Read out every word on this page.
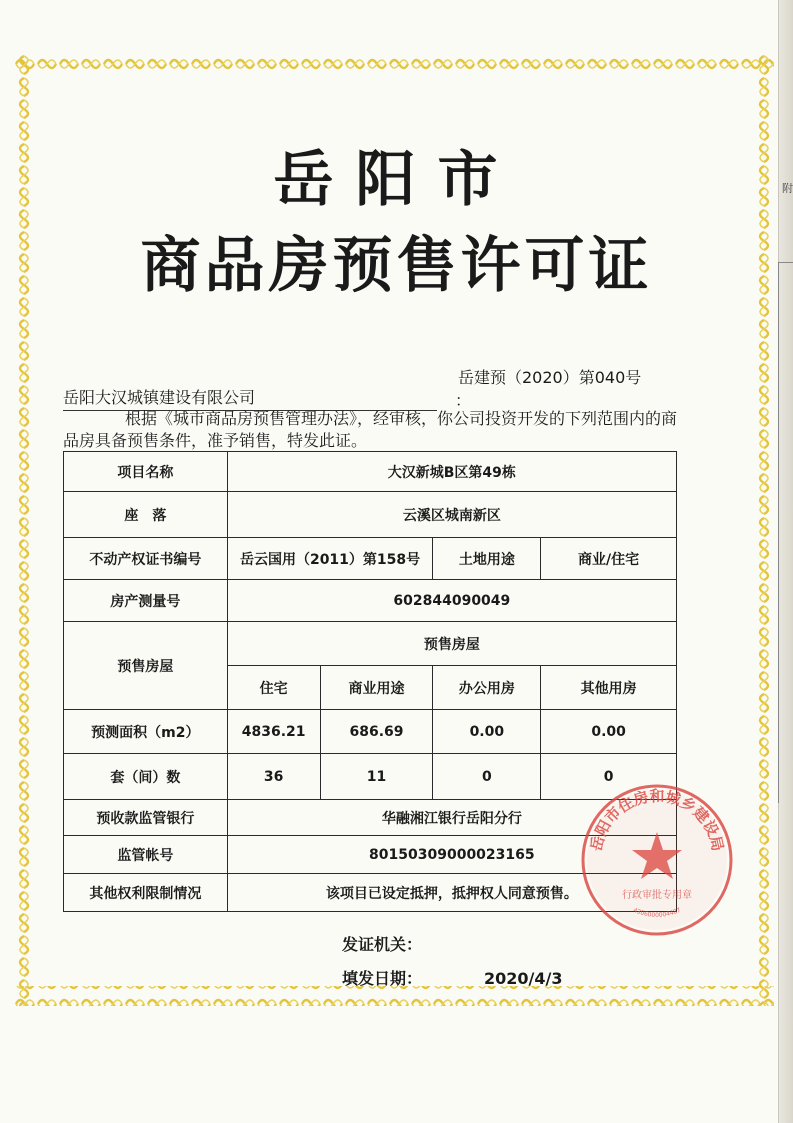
附
岳阳市
商品房预售许可证
岳建预（2020）第040号
岳阳大汉城镇建设有限公司	：
根据《城市商品房预售管理办法》，经审核，你公司投资开发的下列范围内的商品房具备预售条件，准予销售，特发此证。
项目名称	大汉新城B区第49栋			
座　落	云溪区城南新区			
不动产权证书编号	岳云国用（2011）第158号		土地用途	商业/住宅
房产测量号	602844090049			
预售房屋	预售房屋			
	住宅	商业用途	办公用房	其他用房
预测面积（m2）	4836.21	686.69	0.00	0.00
套（间）数	36	11	0	0
预收款监管银行	华融湘江银行岳阳分行			
监管帐号	80150309000023165			
其他权利限制情况	该项目已设定抵押，抵押权人同意预售。			
发证机关：
填发日期：	2020/4/3
岳阳市住房和城乡建设局
行政审批专用章
4306000004487
